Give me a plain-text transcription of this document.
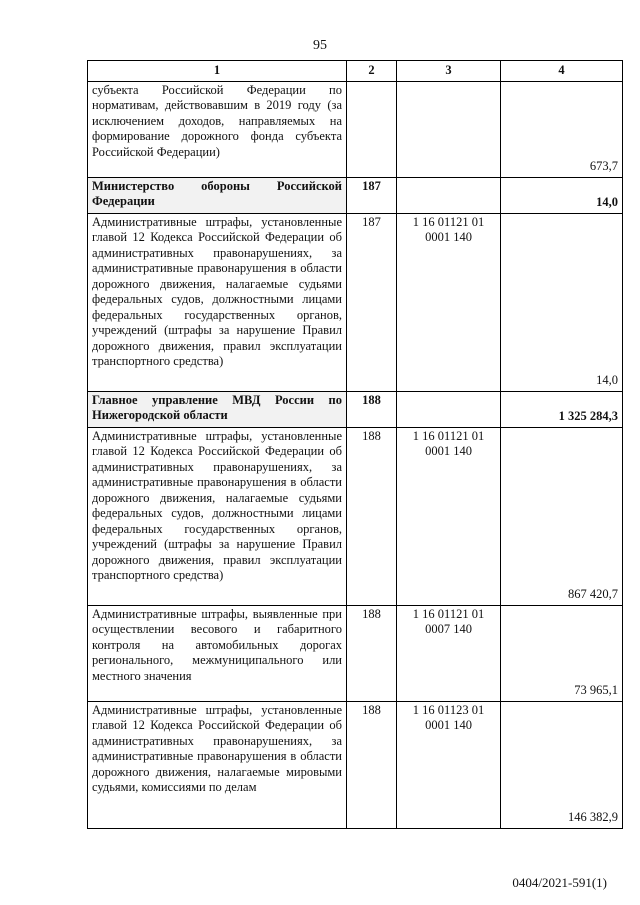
95
1	2	3	4
субъекта Российской Федерации по нормативам, действовавшим в 2019 году (за исключением доходов, направляемых на формирование дорожного фонда субъекта Российской Федерации)			673,7
Министерство обороны Российской Федерации	187		14,0
Административные штрафы, установленные главой 12 Кодекса Российской Федерации об административных правонарушениях, за административные правонарушения в области дорожного движения, налагаемые судьями федеральных судов, должностными лицами федеральных государственных органов, учреждений (штрафы за нарушение Правил дорожного движения, правил эксплуатации транспортного средства)	187	1 16 01121 01 0001 140	14,0
Главное управление МВД России по Нижегородской области	188		1 325 284,3
Административные штрафы, установленные главой 12 Кодекса Российской Федерации об административных правонарушениях, за административные правонарушения в области дорожного движения, налагаемые судьями федеральных судов, должностными лицами федеральных государственных органов, учреждений (штрафы за нарушение Правил дорожного движения, правил эксплуатации транспортного средства)	188	1 16 01121 01 0001 140	867 420,7
Административные штрафы, выявленные при осуществлении весового и габаритного контроля на автомобильных дорогах регионального, межмуниципального или местного значения	188	1 16 01121 01 0007 140	73 965,1
Административные штрафы, установленные главой 12 Кодекса Российской Федерации об административных правонарушениях, за административные правонарушения в области дорожного движения, налагаемые мировыми судьями, комиссиями по делам	188	1 16 01123 01 0001 140	146 382,9
0404/2021-591(1)
